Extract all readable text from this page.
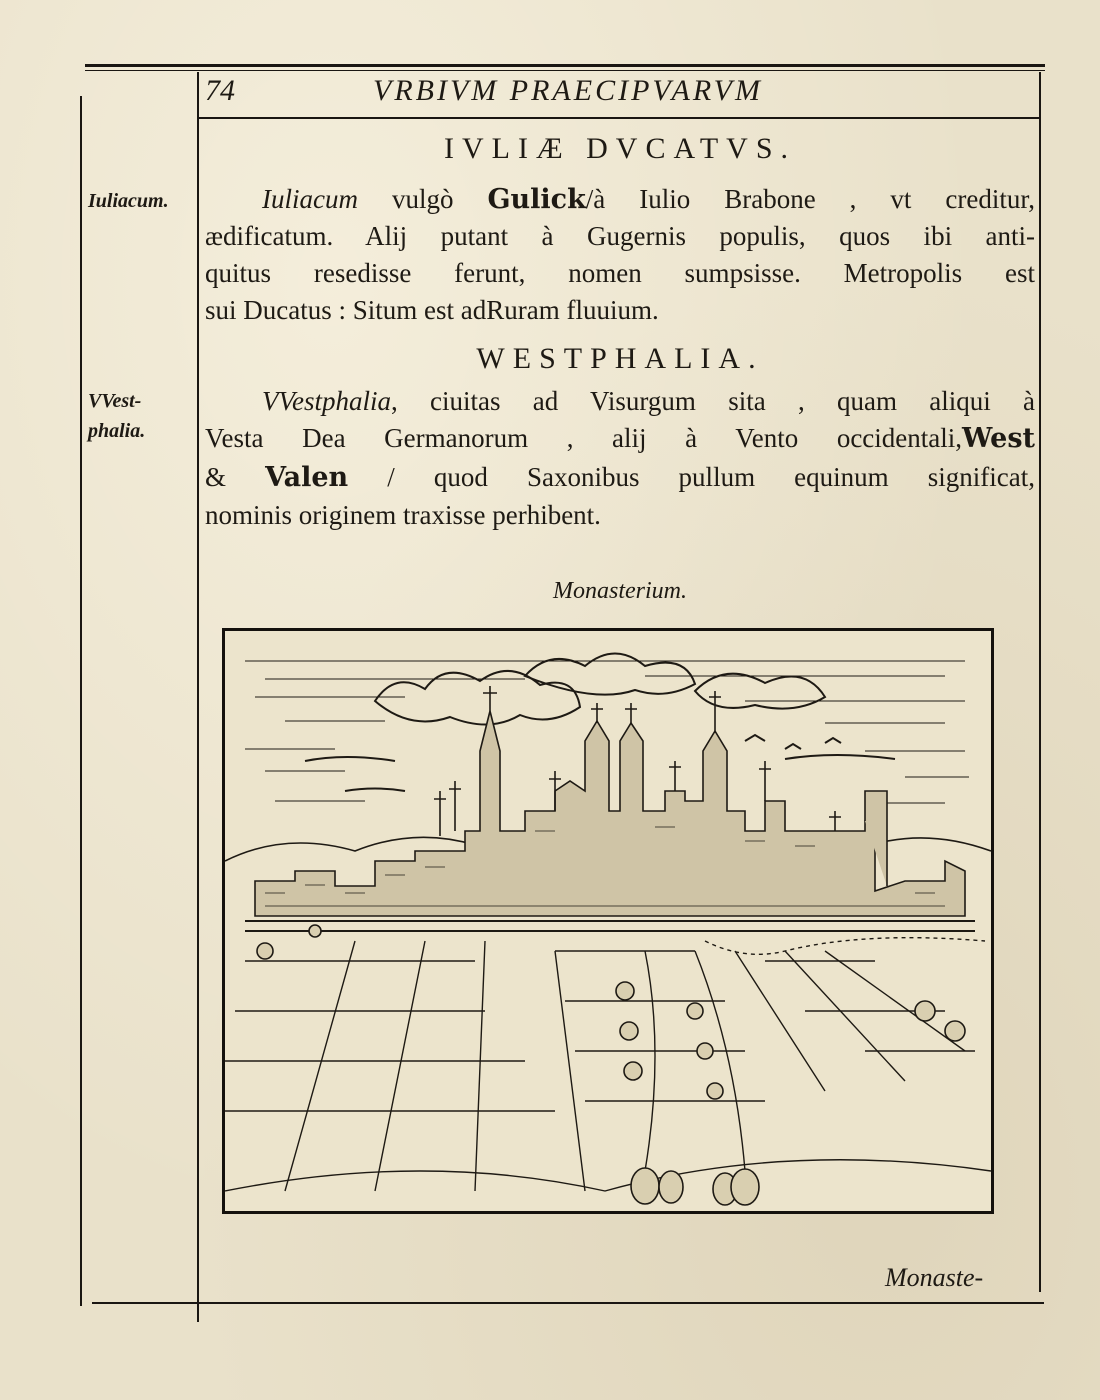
74	VRBIVM PRAECIPVARVM
Iuliacum.
VVest-
phalia.
IVLIÆ DVCATVS.
Iuliacum vulgò Gulick/à Iulio Brabone , vt creditur,
ædificatum. Alij putant à Gugernis populis, quos ibi anti-
quitus resedisse ferunt, nomen sumpsisse. Metropolis est
sui Ducatus : Situm est adRuram fluuium.
WESTPHALIA.
VVestphalia, ciuitas ad Visurgum sita , quam aliqui à
Vesta Dea Germanorum , alij à Vento occidentali,West
& Valen / quod Saxonibus pullum equinum significat,
nominis originem traxisse perhibent.
Monasterium.
Monaste-
